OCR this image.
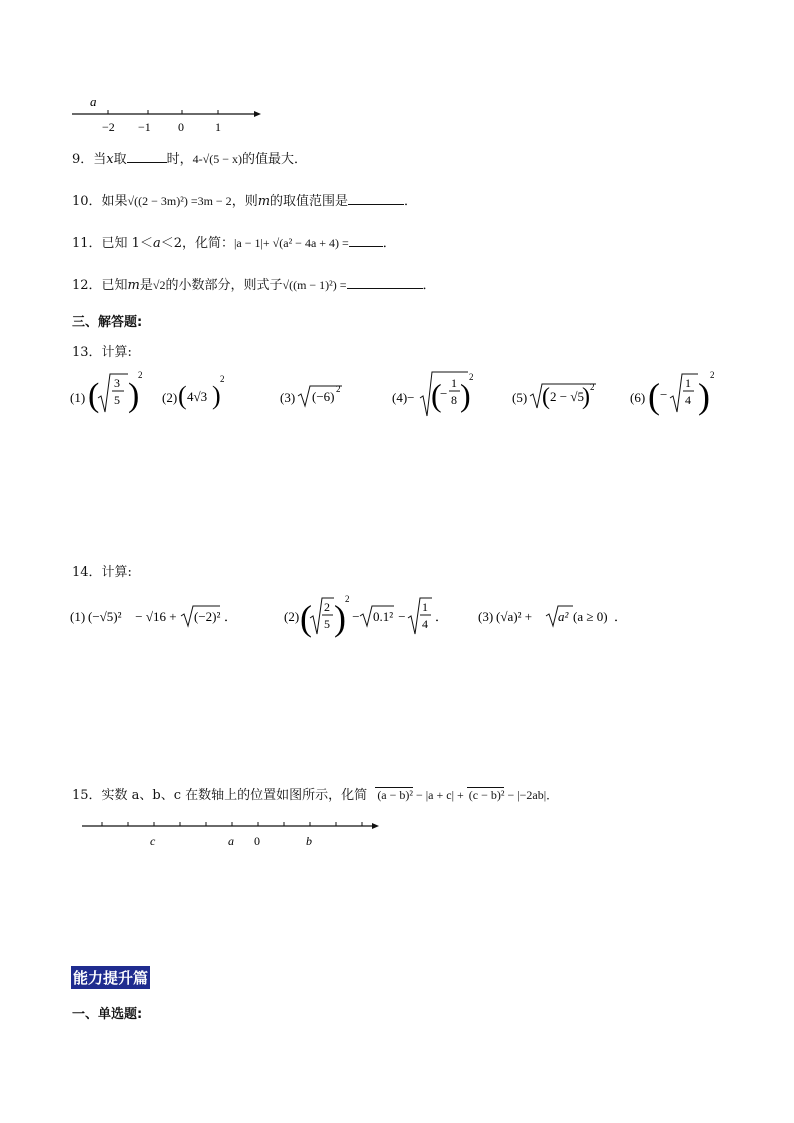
a
−2 −1 0	1
9．当x取	时，4-√(5 − x)的值最大．
10．如果√((2 − 3m)²) =3m − 2，则m的取值范围是	．
11．已知 1＜a＜2，化简：|a − 1|+ √(a² − 4a + 4) =	．
12．已知m是√2的小数部分，则式子√((m − 1)²) =	．
三、解答题:
13．计算:
(1) ( 3
5 )
2
(2) ( 4√3 )
2
(3) (−6) 2
(4)− (
−
1
8 )
2
(5) ( 2 − √5
) 2
(6) ( −
1
4 )
2
14．计算:
(1) (−√5)² − √16 + (−2)² ．	(2) ( 2
5 ) 2
− 0.1² −
1
4 ． (3) (√a)² + a² (a ≥ 0) ．
15．实数 a、b、c 在数轴上的位置如图所示，化简 (a − b)² − |a + c| + (c − b)² − |−2ab|．
c	a 0	b
能力提升篇
一、单选题:
